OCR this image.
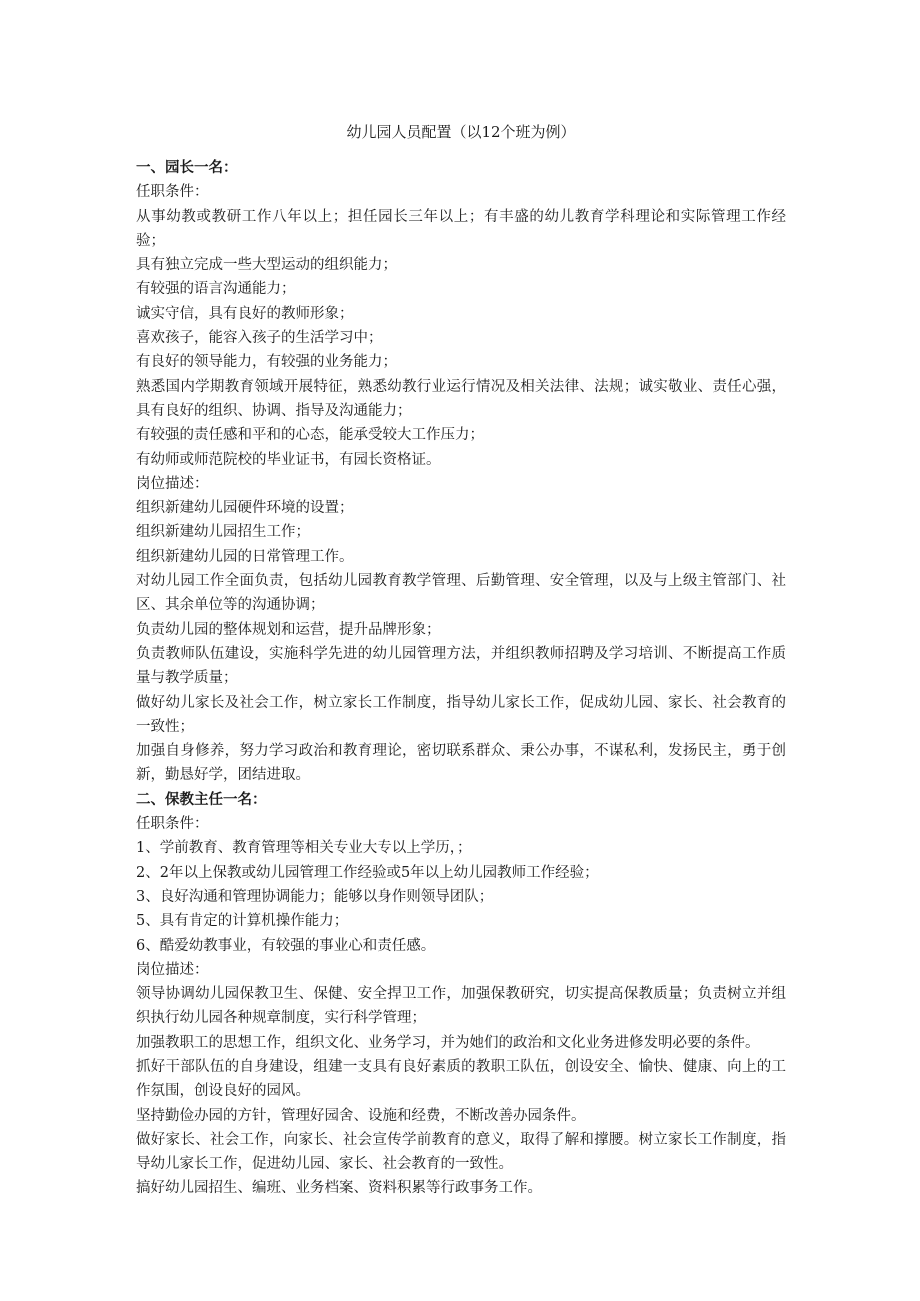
幼儿园人员配置（以12个班为例）

一、园长一名：

任职条件：

从事幼教或教研工作八年以上；担任园长三年以上；有丰盛的幼儿教育学科理论和实际管理工作经验；

具有独立完成一些大型运动的组织能力；

有较强的语言沟通能力；

诚实守信，具有良好的教师形象；

喜欢孩子，能容入孩子的生活学习中；

有良好的领导能力，有较强的业务能力；

熟悉国内学期教育领域开展特征，熟悉幼教行业运行情况及相关法律、法规；诚实敬业、责任心强，具有良好的组织、协调、指导及沟通能力；

有较强的责任感和平和的心态，能承受较大工作压力；

有幼师或师范院校的毕业证书，有园长资格证。

岗位描述：

组织新建幼儿园硬件环境的设置；

组织新建幼儿园招生工作；

组织新建幼儿园的日常管理工作。

对幼儿园工作全面负责，包括幼儿园教育教学管理、后勤管理、安全管理，以及与上级主管部门、社区、其余单位等的沟通协调；

负责幼儿园的整体规划和运营，提升品牌形象；

负责教师队伍建设，实施科学先进的幼儿园管理方法，并组织教师招聘及学习培训、不断提高工作质量与教学质量；

做好幼儿家长及社会工作，树立家长工作制度，指导幼儿家长工作，促成幼儿园、家长、社会教育的一致性；

加强自身修养，努力学习政治和教育理论，密切联系群众、秉公办事，不谋私利，发扬民主，勇于创新，勤恳好学，团结进取。

二、保教主任一名：

任职条件：

1、学前教育、教育管理等相关专业大专以上学历，；

2、2年以上保教或幼儿园管理工作经验或5年以上幼儿园教师工作经验；

3、良好沟通和管理协调能力；能够以身作则领导团队；

5、具有肯定的计算机操作能力；

6、酷爱幼教事业，有较强的事业心和责任感。

岗位描述：

领导协调幼儿园保教卫生、保健、安全捍卫工作，加强保教研究，切实提高保教质量；负责树立并组织执行幼儿园各种规章制度，实行科学管理；

加强教职工的思想工作，组织文化、业务学习，并为她们的政治和文化业务进修发明必要的条件。

抓好干部队伍的自身建设，组建一支具有良好素质的教职工队伍，创设安全、愉快、健康、向上的工作氛围，创设良好的园风。

坚持勤俭办园的方针，管理好园舍、设施和经费，不断改善办园条件。

做好家长、社会工作，向家长、社会宣传学前教育的意义，取得了解和撑腰。树立家长工作制度，指导幼儿家长工作，促进幼儿园、家长、社会教育的一致性。

搞好幼儿园招生、编班、业务档案、资料积累等行政事务工作。
